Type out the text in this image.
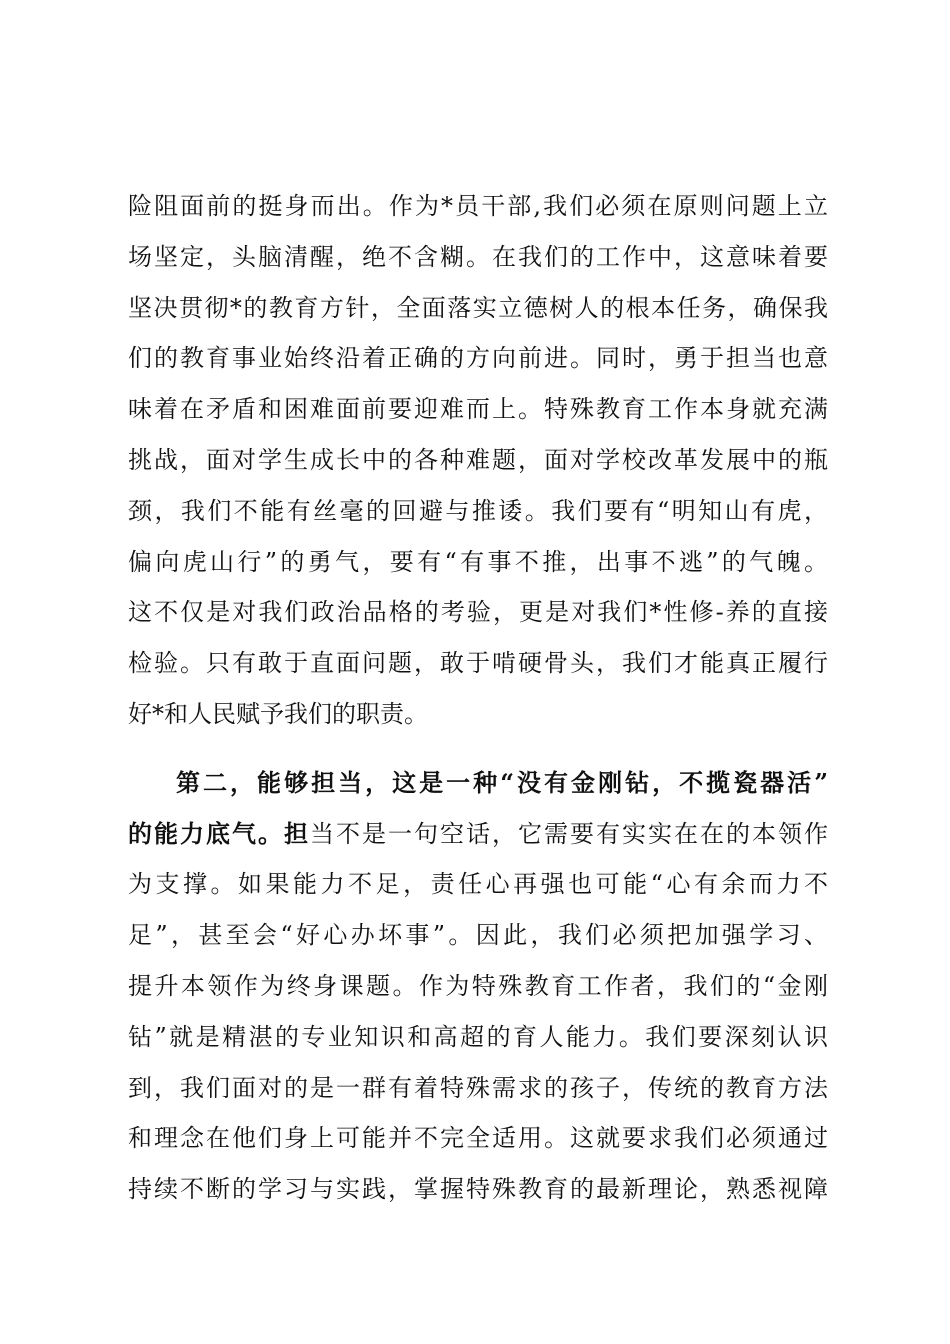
险阻面前的挺身而出。作为*员干部,我们必须在原则问题上立
场坚定，头脑清醒，绝不含糊。在我们的工作中，这意味着要
坚决贯彻*的教育方针，全面落实立德树人的根本任务，确保我
们的教育事业始终沿着正确的方向前进。同时，勇于担当也意
味着在矛盾和困难面前要迎难而上。特殊教育工作本身就充满
挑战，面对学生成长中的各种难题，面对学校改革发展中的瓶
颈，我们不能有丝毫的回避与推诿。我们要有“明知山有虎，
偏向虎山行”的勇气，要有“有事不推，出事不逃”的气魄。
这不仅是对我们政治品格的考验，更是对我们*性修-养的直接
检验。只有敢于直面问题，敢于啃硬骨头，我们才能真正履行
好*和人民赋予我们的职责。
第二，能够担当，这是一种“没有金刚钻，不揽瓷器活”
的能力底气。担当不是一句空话，它需要有实实在在的本领作
为支撑。如果能力不足，责任心再强也可能“心有余而力不
足”，甚至会“好心办坏事”。因此，我们必须把加强学习、
提升本领作为终身课题。作为特殊教育工作者，我们的“金刚
钻”就是精湛的专业知识和高超的育人能力。我们要深刻认识
到，我们面对的是一群有着特殊需求的孩子，传统的教育方法
和理念在他们身上可能并不完全适用。这就要求我们必须通过
持续不断的学习与实践，掌握特殊教育的最新理论，熟悉视障
